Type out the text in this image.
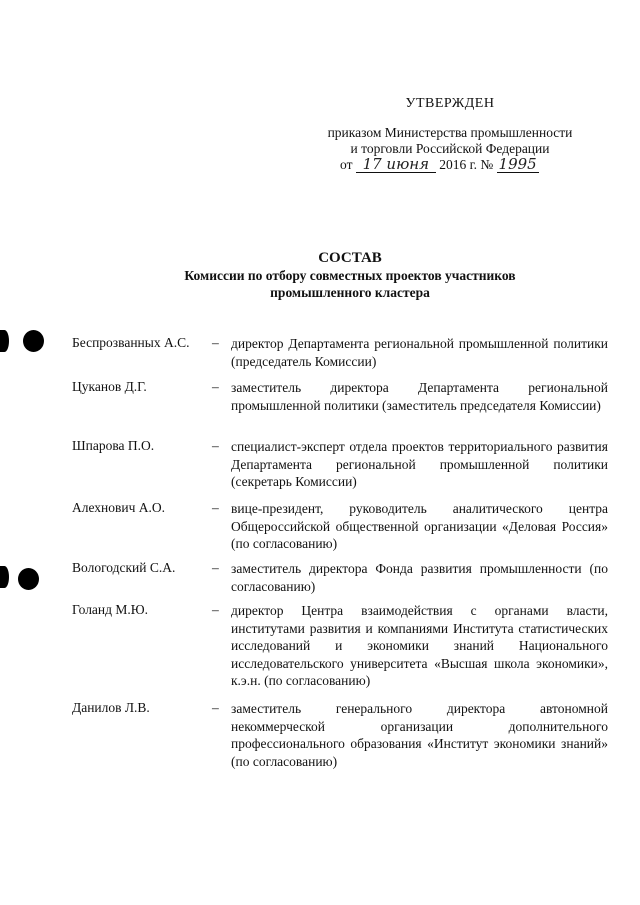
УТВЕРЖДЕН
приказом Министерства промышленности
и торговли Российской Федерации
от 17 июня 2016 г. № 1995
СОСТАВ
Комиссии по отбору совместных проектов участников
промышленного кластера
Беспрозванных А.С. – директор Департамента региональной промышленной политики (председатель Комиссии)
Цуканов Д.Г.	– заместитель директора Департамента региональной промышленной политики (заместитель председателя Комиссии)
Шпарова П.О.	– специалист-эксперт отдела проектов территориального развития Департамента региональной промышленной политики (секретарь Комиссии)
Алехнович А.О.	– вице-президент, руководитель аналитического центра Общероссийской общественной организации «Деловая Россия» (по согласованию)
Вологодский С.А.	– заместитель директора Фонда развития промышленности (по согласованию)
Голанд М.Ю.	– директор Центра взаимодействия с органами власти, институтами развития и компаниями Института статистических исследований и экономики знаний Национального исследовательского университета «Высшая школа экономики», к.э.н. (по согласованию)
Данилов Л.В.	– заместитель генерального директора автономной некоммерческой организации дополнительного профессионального образования «Институт экономики знаний» (по согласованию)
